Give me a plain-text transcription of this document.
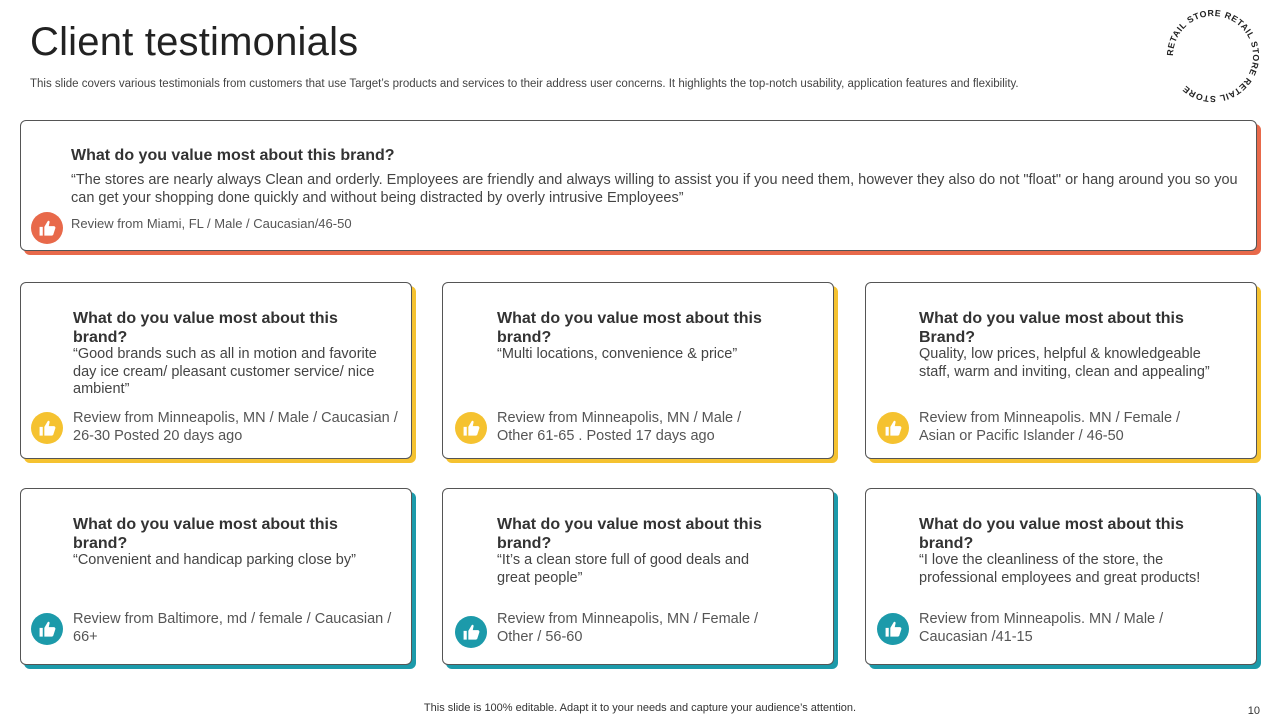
Client testimonials
This slide covers various testimonials from customers that use Target’s products and services to their address user concerns. It highlights the top-notch usability, application features and flexibility.
RETAIL STORE RETAIL STORE RETAIL STORE
What do you value most about this brand?
“The stores are nearly always Clean and orderly. Employees are friendly and always willing to assist you if you need them, however they also do not "float" or hang around you so you can get your shopping done quickly and without being distracted by overly intrusive Employees”
Review from Miami, FL / Male / Caucasian/46-50
What do you value most about this brand?
“Good brands such as all in motion and favorite day ice cream/ pleasant customer service/ nice ambient”
Review from Minneapolis, MN / Male / Caucasian / 26-30 Posted 20 days ago
What do you value most about this brand?
“Multi locations, convenience & price”
Review from Minneapolis, MN / Male / Other 61-65 . Posted 17 days ago
What do you value most about this Brand?
Quality, low prices, helpful & knowledgeable staff, warm and inviting, clean and appealing”
Review from Minneapolis. MN / Female / Asian or Pacific Islander / 46-50
What do you value most about this brand?
“Convenient and handicap parking close by”
Review from Baltimore, md / female / Caucasian / 66+
What do you value most about this brand?
“It’s a clean store full of good deals and great people”
Review from Minneapolis, MN / Female / Other / 56-60
What do you value most about this brand?
“I love the cleanliness of the store, the professional employees and great products!
Review from Minneapolis. MN / Male / Caucasian /41-15
This slide is 100% editable. Adapt it to your needs and capture your audience’s attention.	10
